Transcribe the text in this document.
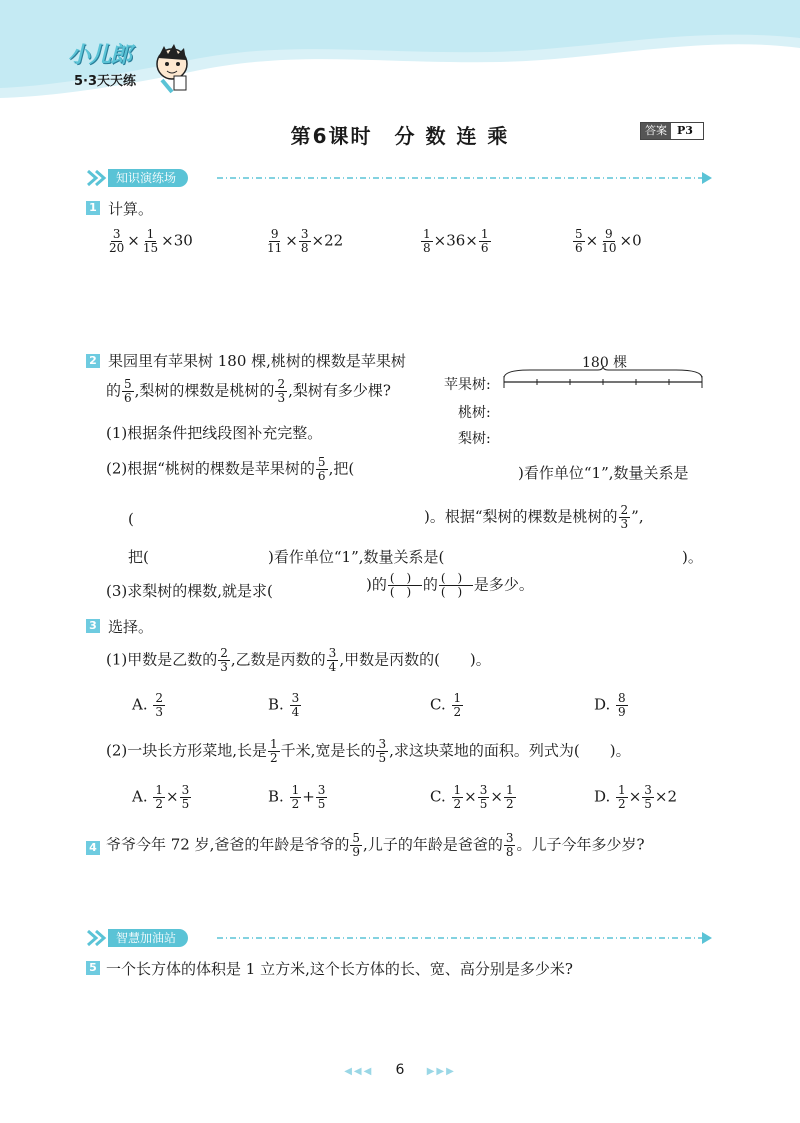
小儿郎
5·3天天练
第6课时　分 数 连 乘	答案 P3
知识演练场
1 计算。
$\frac{3}{20} \times \frac{1}{15} \times 30$	$\frac{9}{11} \times \frac{3}{8} \times 22$	$\frac{1}{8} \times 36\times \frac{1}{6}$	$\frac{5}{6} \times \frac{9}{10} \times 0$
2 果园里有苹果树 180 棵,桃树的棵数是苹果树
的 $\frac{5}{6}$ ,梨树的棵数是桃树的 $\frac{2}{3}$ ,梨树有多少棵?
(1)根据条件把线段图补充完整。
180 棵
苹果树:
桃树:
梨树:
(2)根据“桃树的棵数是苹果树的 $\frac{5}{6}$ ,把(	)看作单位“1”,数量关系是
(	)。根据“梨树的棵数是桃树的 $\frac{2}{3}$ ”,
把(	)看作单位“1”,数量关系是(	)。
(3)求梨树的棵数,就是求(	)的 $\frac{( )}{( )}$ 的 $\frac{( )}{( )}$ 是多少。
3 选择。
(1)甲数是乙数的 $\frac{2}{3}$ ,乙数是丙数的 $\frac{3}{4}$ ,甲数是丙数的(　　)。
A. $\frac{2}{3}$	B. $\frac{3}{4}$	C. $\frac{1}{2}$	D. $\frac{8}{9}$
(2)一块长方形菜地,长是 $\frac{1}{2}$ 千米,宽是长的 $\frac{3}{5}$ ,求这块菜地的面积。列式为(　　)。
A. $\frac{1}{2} \times \frac{3}{5}$	B. $\frac{1}{2} + \frac{3}{5}$	C. $\frac{1}{2} \times \frac{3}{5} \times \frac{1}{2}$	D. $\frac{1}{2} \times \frac{3}{5} \times 2$
4 爷爷今年 72 岁,爸爸的年龄是爷爷的 $\frac{5}{9}$ ,儿子的年龄是爸爸的 $\frac{3}{8}$ 。儿子今年多少岁?
智慧加油站
5 一个长方体的体积是 1 立方米,这个长方体的长、宽、高分别是多少米?
◀◀◀ 6 ▶▶▶
